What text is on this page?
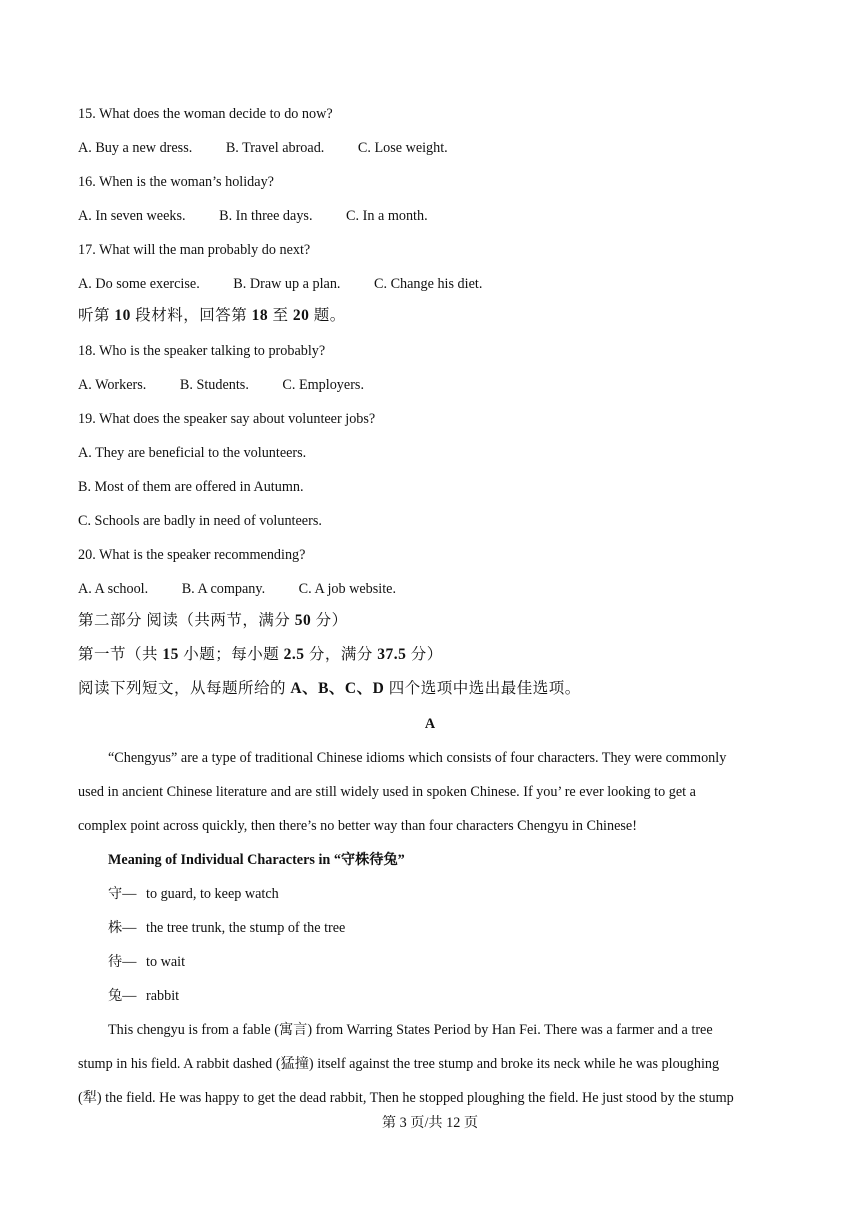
15. What does the woman decide to do now?
A. Buy a new dress. B. Travel abroad. C. Lose weight.
16. When is the woman’s holiday?
A. In seven weeks. B. In three days. C. In a month.
17. What will the man probably do next?
A. Do some exercise. B. Draw up a plan. C. Change his diet.
听第 10 段材料，回答第 18 至 20 题。
18. Who is the speaker talking to probably?
A. Workers. B. Students. C. Employers.
19. What does the speaker say about volunteer jobs?
A. They are beneficial to the volunteers.
B. Most of them are offered in Autumn.
C. Schools are badly in need of volunteers.
20. What is the speaker recommending?
A. A school. B. A company. C. A job website.
第二部分 阅读（共两节，满分 50 分）
第一节（共 15 小题；每小题 2.5 分，满分 37.5 分）
阅读下列短文，从每题所给的 A、B、C、D 四个选项中选出最佳选项。
A
“Chengyus” are a type of traditional Chinese idioms which consists of four characters. They were commonly
used in ancient Chinese literature and are still widely used in spoken Chinese. If you’ re ever looking to get a
complex point across quickly, then there’s no better way than four characters Chengyu in Chinese!
Meaning of Individual Characters in “守株待兔”
守— to guard, to keep watch
株— the tree trunk, the stump of the tree
待— to wait
兔— rabbit
This chengyu is from a fable (寓言) from Warring States Period by Han Fei. There was a farmer and a tree
stump in his field. A rabbit dashed (猛撞) itself against the tree stump and broke its neck while he was ploughing
(犁) the field. He was happy to get the dead rabbit, Then he stopped ploughing the field. He just stood by the stump
第 3 页/共 12 页
